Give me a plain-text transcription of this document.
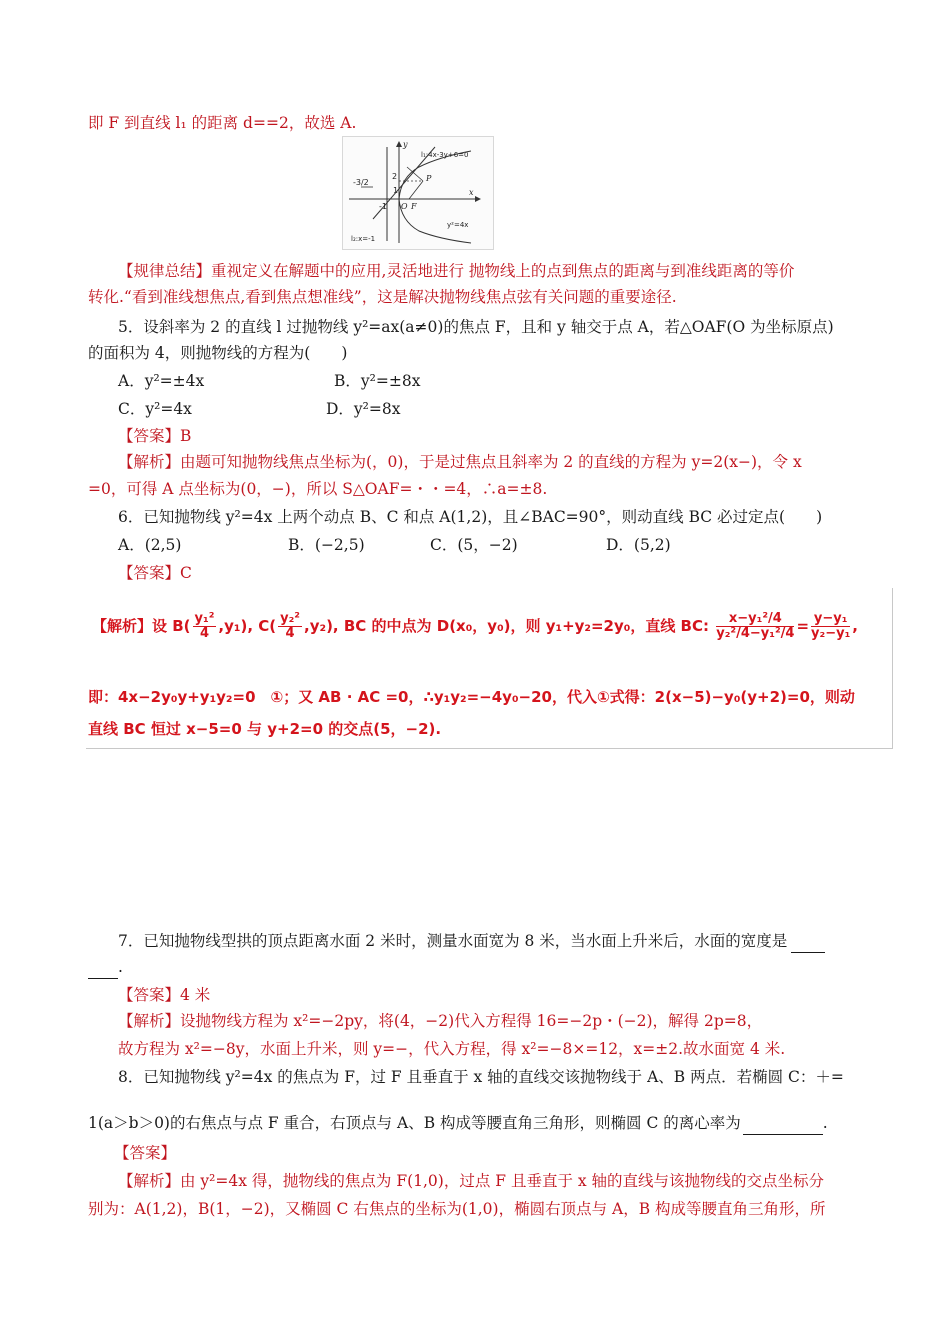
即 F 到直线 l₁ 的距离 d==2，故选 A.
-3/2
2
-1
1
O F
P
x
y
l₁:4x-3y+6=0
l₂:x=-1
y²=4x
【规律总结】重视定义在解题中的应用,灵活地进行 抛物线上的点到焦点的距离与到准线距离的等价
转化.“看到准线想焦点,看到焦点想准线”，这是解决抛物线焦点弦有关问题的重要途径.
5．设斜率为 2 的直线 l 过抛物线 y²=ax(a≠0)的焦点 F，且和 y 轴交于点 A，若△OAF(O 为坐标原点)
的面积为 4，则抛物线的方程为(　　)
A．y²=±4x	B．y²=±8x
C．y²=4x	D．y²=8x
【答案】B
【解析】由题可知抛物线焦点坐标为(，0)，于是过焦点且斜率为 2 的直线的方程为 y=2(x−)，令 x
=0，可得 A 点坐标为(0，−)，所以 S△OAF=・・=4，∴a=±8.
6．已知抛物线 y²=4x 上两个动点 B、C 和点 A(1,2)，且∠BAC=90°，则动直线 BC 必过定点(　　)
A．(2,5)	B．(−2,5)	C．(5，−2)	D．(5,2)
【答案】C
【解析】设 $B( \frac{\text{y₁²}}{4} ,y_1)$, $C( \frac{\text{y₂²}}{4} ,y_2)$, BC 的中点为 D(x₀，y₀)，则 y₁+y₂=2y₀，直线 BC: $\frac{\text{x−y₁²/4}}{\text{y₂²/4−y₁²/4}} = \frac{\text{y−y₁}}{\text{y₂−y₁}}$ ,
即：4x−2y₀y+y₁y₂=0　①；又 AB · AC =0，∴y₁y₂=−4y₀−20，代入①式得：2(x−5)−y₀(y+2)=0，则动
直线 BC 恒过 x−5=0 与 y+2=0 的交点(5，−2).
7．已知抛物线型拱的顶点距离水面 2 米时，测量水面宽为 8 米，当水面上升米后，水面的宽度是
.
【答案】4 米
【解析】设抛物线方程为 x²=−2py，将(4，−2)代入方程得 16=−2p・(−2)，解得 2p=8，
故方程为 x²=−8y，水面上升米，则 y=−，代入方程，得 x²=−8×=12，x=±2.故水面宽 4 米.
8．已知抛物线 y²=4x 的焦点为 F，过 F 且垂直于 x 轴的直线交该抛物线于 A、B 两点．若椭圆 C：＋=
1(a＞b＞0)的右焦点与点 F 重合，右顶点与 A、B 构成等腰直角三角形，则椭圆 C 的离心率为	.
【答案】
【解析】由 y²=4x 得，抛物线的焦点为 F(1,0)，过点 F 且垂直于 x 轴的直线与该抛物线的交点坐标分
别为：A(1,2)，B(1，−2)，又椭圆 C 右焦点的坐标为(1,0)，椭圆右顶点与 A，B 构成等腰直角三角形，所
